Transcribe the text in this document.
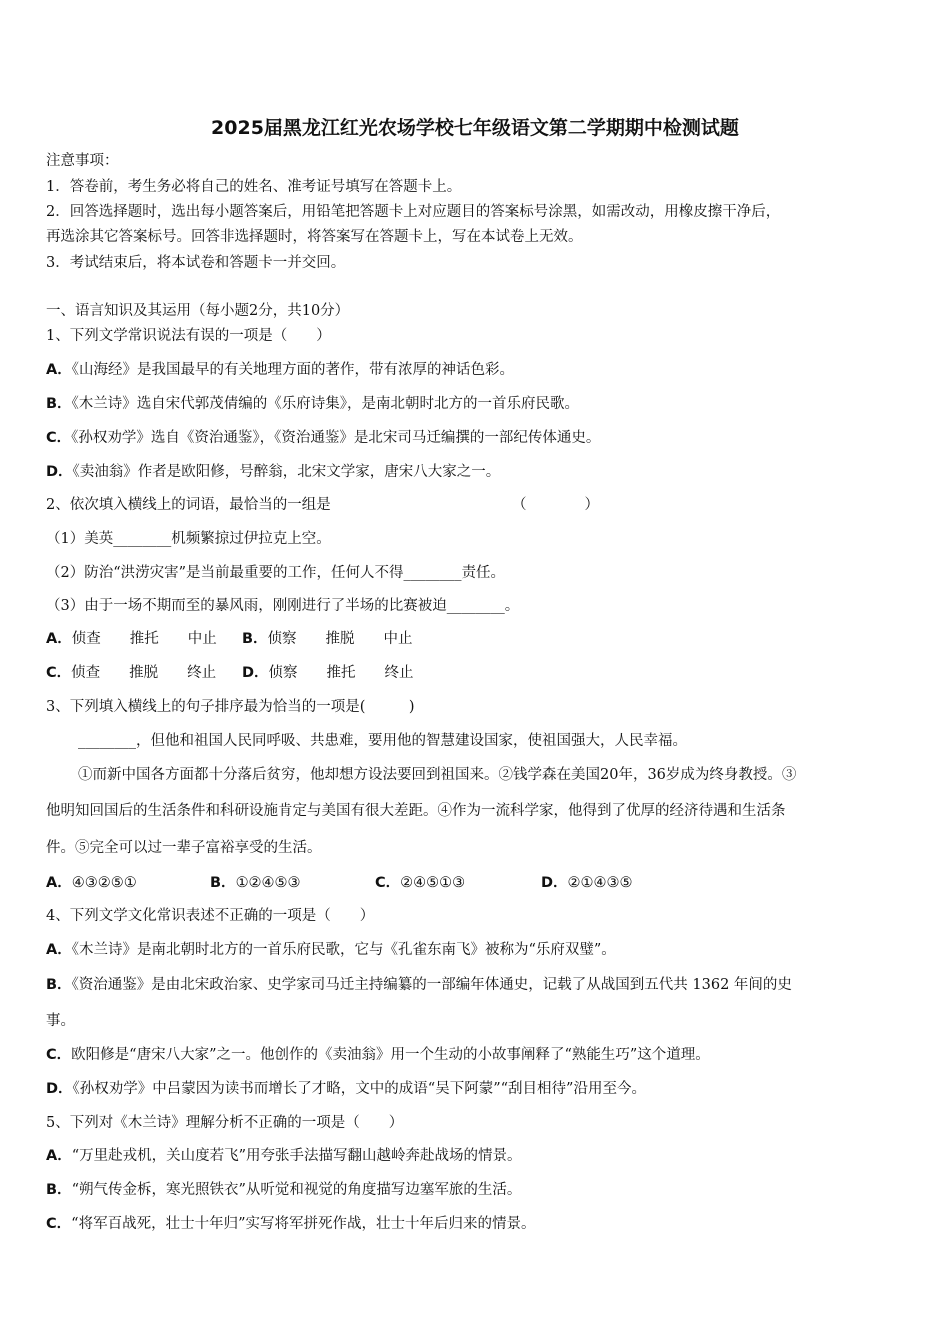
2025届黑龙江红光农场学校七年级语文第二学期期中检测试题
注意事项：
1．答卷前，考生务必将自己的姓名、准考证号填写在答题卡上。
2．回答选择题时，选出每小题答案后，用铅笔把答题卡上对应题目的答案标号涂黑，如需改动，用橡皮擦干净后，
再选涂其它答案标号。回答非选择题时，将答案写在答题卡上，写在本试卷上无效。
3．考试结束后，将本试卷和答题卡一并交回。
一、语言知识及其运用（每小题2分，共10分）
1、下列文学常识说法有误的一项是（　　）
A．《山海经》是我国最早的有关地理方面的著作，带有浓厚的神话色彩。
B．《木兰诗》选自宋代郭茂倩编的《乐府诗集》，是南北朝时北方的一首乐府民歌。
C．《孙权劝学》选自《资治通鉴》，《资治通鉴》是北宋司马迁编撰的一部纪传体通史。
D．《卖油翁》作者是欧阳修，号醉翁，北宋文学家，唐宋八大家之一。
2、依次填入横线上的词语，最恰当的一组是	（　　　　）
（1）美英________机频繁掠过伊拉克上空。
（2）防治“洪涝灾害”是当前最重要的工作，任何人不得________责任。
（3）由于一场不期而至的暴风雨，刚刚进行了半场的比赛被迫________。
A．侦查　　推托　　中止 B．侦察　　推脱　　中止
C．侦查　　推脱　　终止 D．侦察　　推托　　终止
3、下列填入横线上的句子排序最为恰当的一项是(　　　)
________，但他和祖国人民同呼吸、共患难，要用他的智慧建设国家，使祖国强大，人民幸福。
①而新中国各方面都十分落后贫穷，他却想方设法要回到祖国来。②钱学森在美国20年，36岁成为终身教授。③
他明知回国后的生活条件和科研设施肯定与美国有很大差距。④作为一流科学家，他得到了优厚的经济待遇和生活条
件。⑤完全可以过一辈子富裕享受的生活。
A．④③②⑤①	B．①②④⑤③	C．②④⑤①③	D．②①④③⑤
4、下列文学文化常识表述不正确的一项是（　　）
A．《木兰诗》是南北朝时北方的一首乐府民歌，它与《孔雀东南飞》被称为“乐府双璧”。
B．《资治通鉴》是由北宋政治家、史学家司马迁主持编纂的一部编年体通史，记载了从战国到五代共 1362 年间的史
事。
C．欧阳修是“唐宋八大家”之一。他创作的《卖油翁》用一个生动的小故事阐释了“熟能生巧”这个道理。
D．《孙权劝学》中吕蒙因为读书而增长了才略，文中的成语“吴下阿蒙”“刮目相待”沿用至今。
5、下列对《木兰诗》理解分析不正确的一项是（　　）
A．“万里赴戎机，关山度若飞”用夸张手法描写翻山越岭奔赴战场的情景。
B．“朔气传金柝，寒光照铁衣”从听觉和视觉的角度描写边塞军旅的生活。
C．“将军百战死，壮士十年归”实写将军拼死作战，壮士十年后归来的情景。
